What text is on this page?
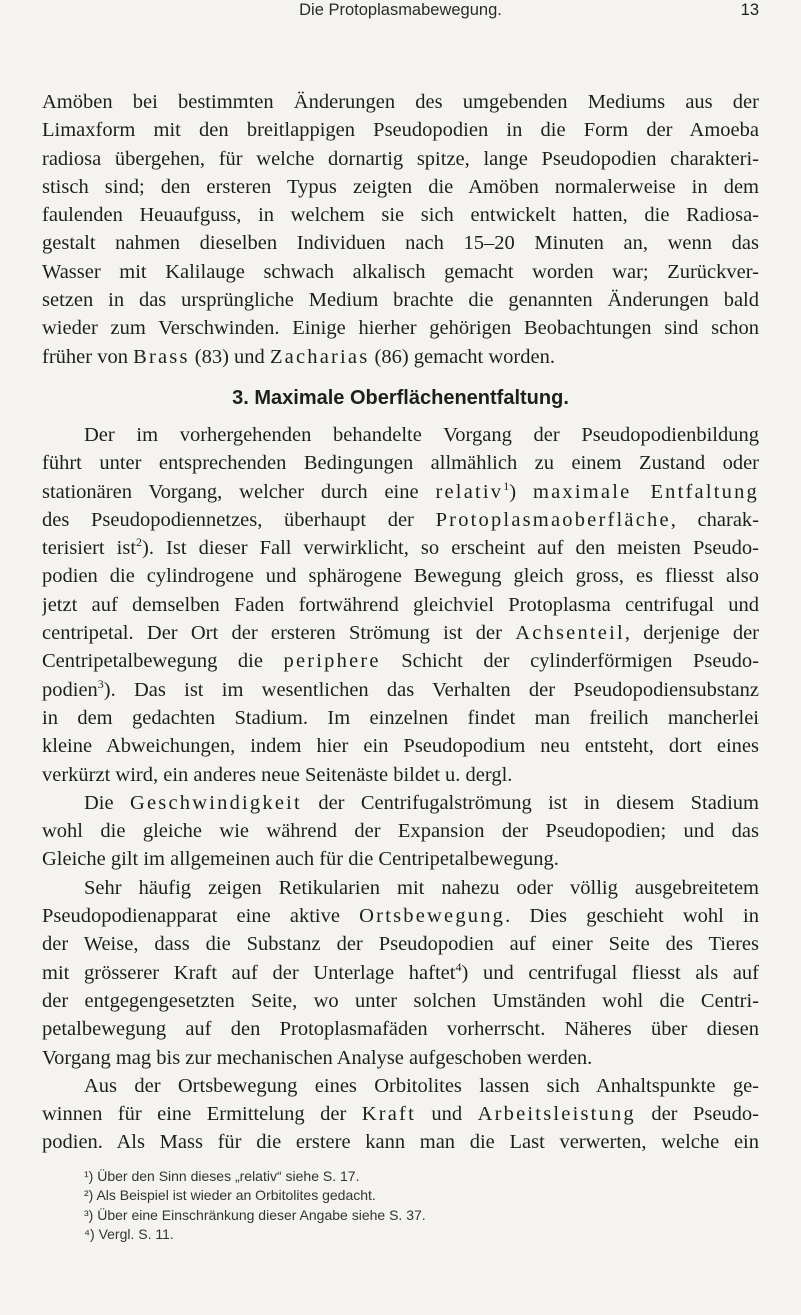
Die Protoplasmabewegung.	13
Amöben bei bestimmten Änderungen des umgebenden Mediums aus der
Limaxform mit den breitlappigen Pseudopodien in die Form der Amoeba
radiosa übergehen, für welche dornartig spitze, lange Pseudopodien charakteri-
stisch sind; den ersteren Typus zeigten die Amöben normalerweise in dem
faulenden Heuaufguss, in welchem sie sich entwickelt hatten, die Radiosa-
gestalt nahmen dieselben Individuen nach 15–20 Minuten an, wenn das
Wasser mit Kalilauge schwach alkalisch gemacht worden war; Zurückver-
setzen in das ursprüngliche Medium brachte die genannten Änderungen bald
wieder zum Verschwinden. Einige hierher gehörigen Beobachtungen sind schon
früher von Brass (83) und Zacharias (86) gemacht worden.
3. Maximale Oberflächenentfaltung.
Der im vorhergehenden behandelte Vorgang der Pseudopodienbildung
führt unter entsprechenden Bedingungen allmählich zu einem Zustand oder
stationären Vorgang, welcher durch eine relativ$^1$) maximale Entfaltung
des Pseudopodiennetzes, überhaupt der Protoplasmaoberfläche, charak-
terisiert ist$^2$). Ist dieser Fall verwirklicht, so erscheint auf den meisten Pseudo-
podien die cylindrogene und sphärogene Bewegung gleich gross, es fliesst also
jetzt auf demselben Faden fortwährend gleichviel Protoplasma centrifugal und
centripetal. Der Ort der ersteren Strömung ist der Achsenteil, derjenige der
Centripetalbewegung die periphere Schicht der cylinderförmigen Pseudo-
podien$^3$). Das ist im wesentlichen das Verhalten der Pseudopodiensubstanz
in dem gedachten Stadium. Im einzelnen findet man freilich mancherlei
kleine Abweichungen, indem hier ein Pseudopodium neu entsteht, dort eines
verkürzt wird, ein anderes neue Seitenäste bildet u. dergl.
Die Geschwindigkeit der Centrifugalströmung ist in diesem Stadium
wohl die gleiche wie während der Expansion der Pseudopodien; und das
Gleiche gilt im allgemeinen auch für die Centripetalbewegung.
Sehr häufig zeigen Retikularien mit nahezu oder völlig ausgebreitetem
Pseudopodienapparat eine aktive Ortsbewegung. Dies geschieht wohl in
der Weise, dass die Substanz der Pseudopodien auf einer Seite des Tieres
mit grösserer Kraft auf der Unterlage haftet$^4$) und centrifugal fliesst als auf
der entgegengesetzten Seite, wo unter solchen Umständen wohl die Centri-
petalbewegung auf den Protoplasmafäden vorherrscht. Näheres über diesen
Vorgang mag bis zur mechanischen Analyse aufgeschoben werden.
Aus der Ortsbewegung eines Orbitolites lassen sich Anhaltspunkte ge-
winnen für eine Ermittelung der Kraft und Arbeitsleistung der Pseudo-
podien. Als Mass für die erstere kann man die Last verwerten, welche ein
¹) Über den Sinn dieses „relativ“ siehe S. 17.
²) Als Beispiel ist wieder an Orbitolites gedacht.
³) Über eine Einschränkung dieser Angabe siehe S. 37.
⁴) Vergl. S. 11.
